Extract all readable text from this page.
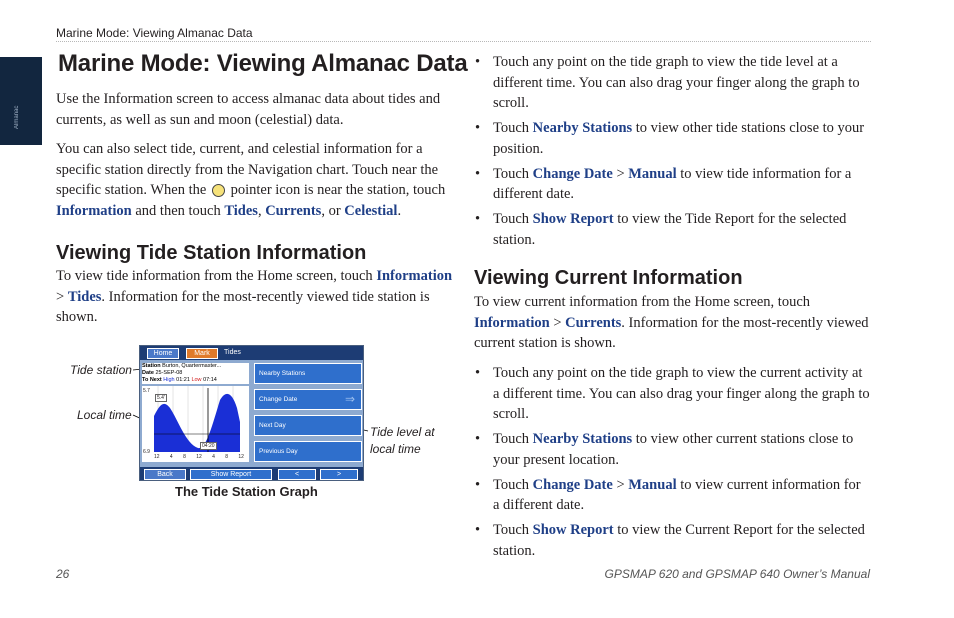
Marine Mode: Viewing Almanac Data
Almanac
Marine Mode: Viewing Almanac Data

Use the Information screen to access almanac data about tides and currents, as well as sun and moon (celestial) data.

You can also select tide, current, and celestial information for a specific station directly from the Navigation chart. Touch near the specific station. When the pointer icon is near the station, touch Information and then touch Tides, Currents, or Celestial.

Viewing Tide Station Information

To view tide information from the Home screen, touch Information > Tides. Information for the most-recently viewed tide station is shown.

Tide station
Local time
Tide level at
local time
Home	Mark	Tides
Station Burton, Quartermaster...
Date 25-SEP-08
To Next High 01:21 Low 07:14
5.7
5.4'
6.9
04:20
12 4 8 12 4 8 12
Nearby Stations
Change Date	⇒
Next Day
Previous Day
Back	Show Report	<	>
The Tide Station Graph
• Touch any point on the tide graph to view the tide level at a different time. You can also drag your finger along the graph to scroll.
• Touch Nearby Stations to view other tide stations close to your position.
• Touch Change Date > Manual to view tide information for a different date.
• Touch Show Report to view the Tide Report for the selected station.
Viewing Current Information

To view current information from the Home screen, touch Information > Currents. Information for the most-recently viewed current station is shown.

• Touch any point on the tide graph to view the current activity at a different time. You can also drag your finger along the graph to scroll.
• Touch Nearby Stations to view other current stations close to your present location.
• Touch Change Date > Manual to view current information for a different date.
• Touch Show Report to view the Current Report for the selected station.
26	GPSMAP 620 and GPSMAP 640 Owner’s Manual
